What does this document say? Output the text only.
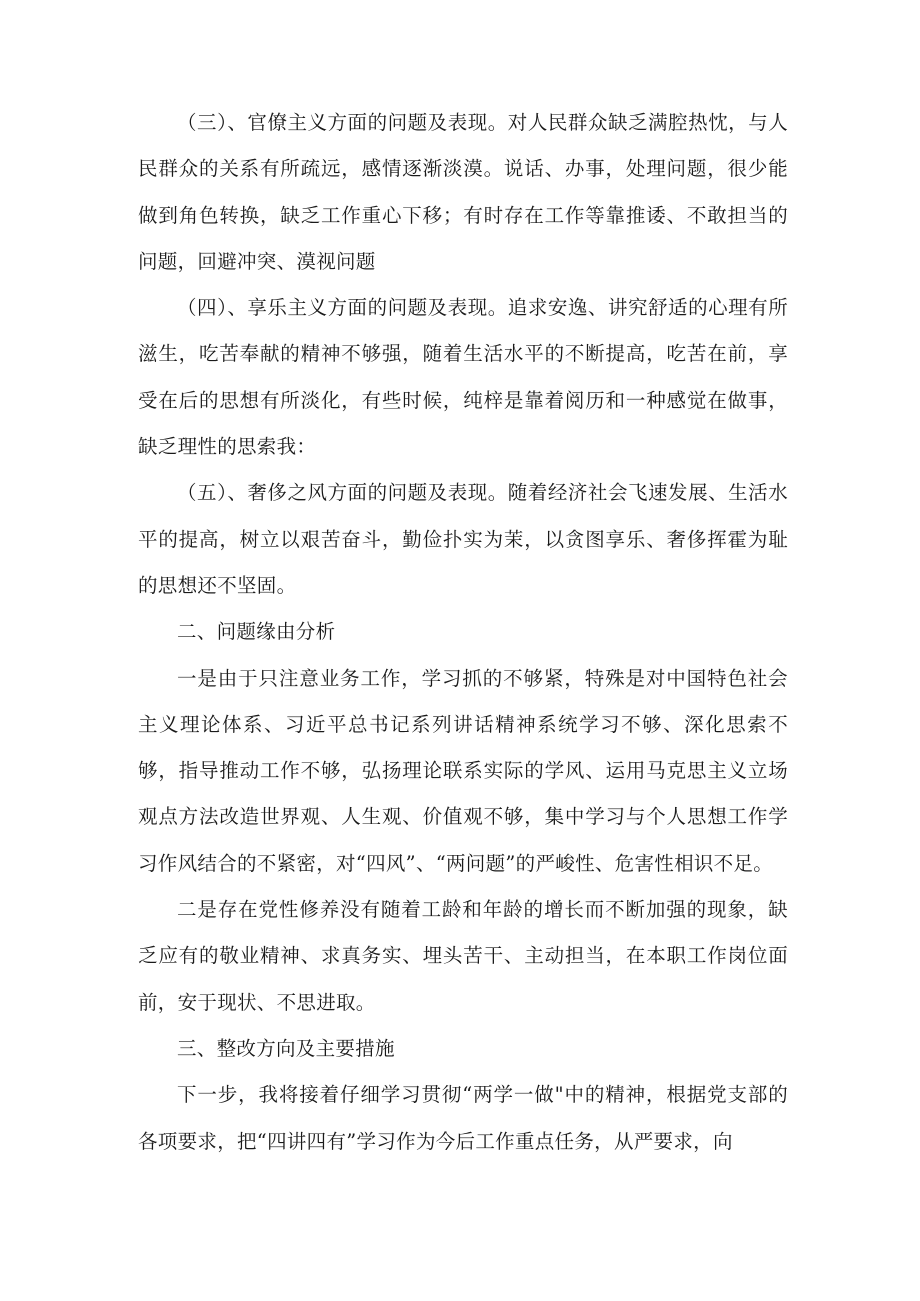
（三）、官僚主义方面的问题及表现。对人民群众缺乏满腔热忱，与人民群众的关系有所疏远，感情逐渐淡漠。说话、办事，处理问题，很少能做到角色转换，缺乏工作重心下移；有时存在工作等靠推诿、不敢担当的问题，回避冲突、漠视问题

（四）、享乐主义方面的问题及表现。追求安逸、讲究舒适的心理有所滋生，吃苦奉献的精神不够强，随着生活水平的不断提高，吃苦在前，享受在后的思想有所淡化，有些时候，纯梓是靠着阅历和一种感觉在做事，缺乏理性的思索我：

（五）、奢侈之风方面的问题及表现。随着经济社会飞速发展、生活水平的提高，树立以艰苦奋斗，勤俭扑实为茉，以贪图享乐、奢侈挥霍为耻的思想还不坚固。

二、问题缘由分析

一是由于只注意业务工作，学习抓的不够紧，特殊是对中国特色社会主义理论体系、习近平总书记系列讲话精神系统学习不够、深化思索不够，指导推动工作不够，弘扬理论联系实际的学风、运用马克思主义立场观点方法改造世界观、人生观、价值观不够，集中学习与个人思想工作学习作风结合的不紧密，对“四风”、“两问题”的严峻性、危害性相识不足。

二是存在党性修养没有随着工龄和年龄的增长而不断加强的现象，缺乏应有的敬业精神、求真务实、埋头苦干、主动担当，在本职工作岗位面前，安于现状、不思进取。

三、整改方向及主要措施

下一步，我将接着仔细学习贯彻“两学一做"中的精神，根据党支部的各项要求，把“四讲四有”学习作为今后工作重点任务，从严要求，向
